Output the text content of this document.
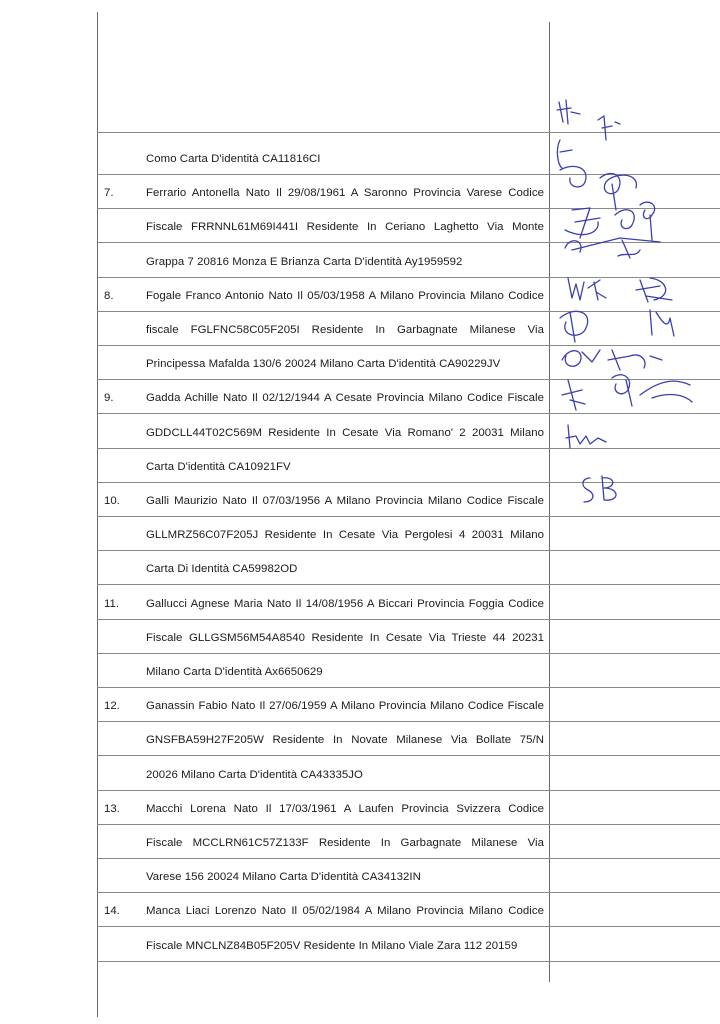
Como Carta D'identità CA11816CI
7.	Ferrario Antonella Nato Il 29/08/1961 A Saronno Provincia Varese Codice
Fiscale FRRNNL61M69I441I Residente In Ceriano Laghetto Via Monte
Grappa 7 20816 Monza E Brianza Carta D'identità Ay1959592
8.	Fogale Franco Antonio Nato Il 05/03/1958 A Milano Provincia Milano Codice
fiscale FGLFNC58C05F205I Residente In Garbagnate Milanese Via
Principessa Mafalda 130/6 20024 Milano Carta D'identità CA90229JV
9.	Gadda Achille Nato Il 02/12/1944 A Cesate Provincia Milano Codice Fiscale
GDDCLL44T02C569M Residente In Cesate Via Romano' 2 20031 Milano
Carta D'identità CA10921FV
10. Galli Maurizio Nato Il 07/03/1956 A Milano Provincia Milano Codice Fiscale
GLLMRZ56C07F205J Residente In Cesate Via Pergolesi 4 20031 Milano
Carta Di Identità CA59982OD
11. Gallucci Agnese Maria Nato Il 14/08/1956 A Biccari Provincia Foggia Codice
Fiscale GLLGSM56M54A8540 Residente In Cesate Via Trieste 44 20231
Milano Carta D'identità Ax6650629
12. Ganassin Fabio Nato Il 27/06/1959 A Milano Provincia Milano Codice Fiscale
GNSFBA59H27F205W Residente In Novate Milanese Via Bollate 75/N
20026 Milano Carta D'identità CA43335JO
13. Macchi Lorena Nato Il 17/03/1961 A Laufen Provincia Svizzera Codice
Fiscale MCCLRN61C57Z133F Residente In Garbagnate Milanese Via
Varese 156 20024 Milano Carta D'identità CA34132IN
14. Manca Liaci Lorenzo Nato Il 05/02/1984 A Milano Provincia Milano Codice
Fiscale MNCLNZ84B05F205V Residente In Milano Viale Zara 112 20159
